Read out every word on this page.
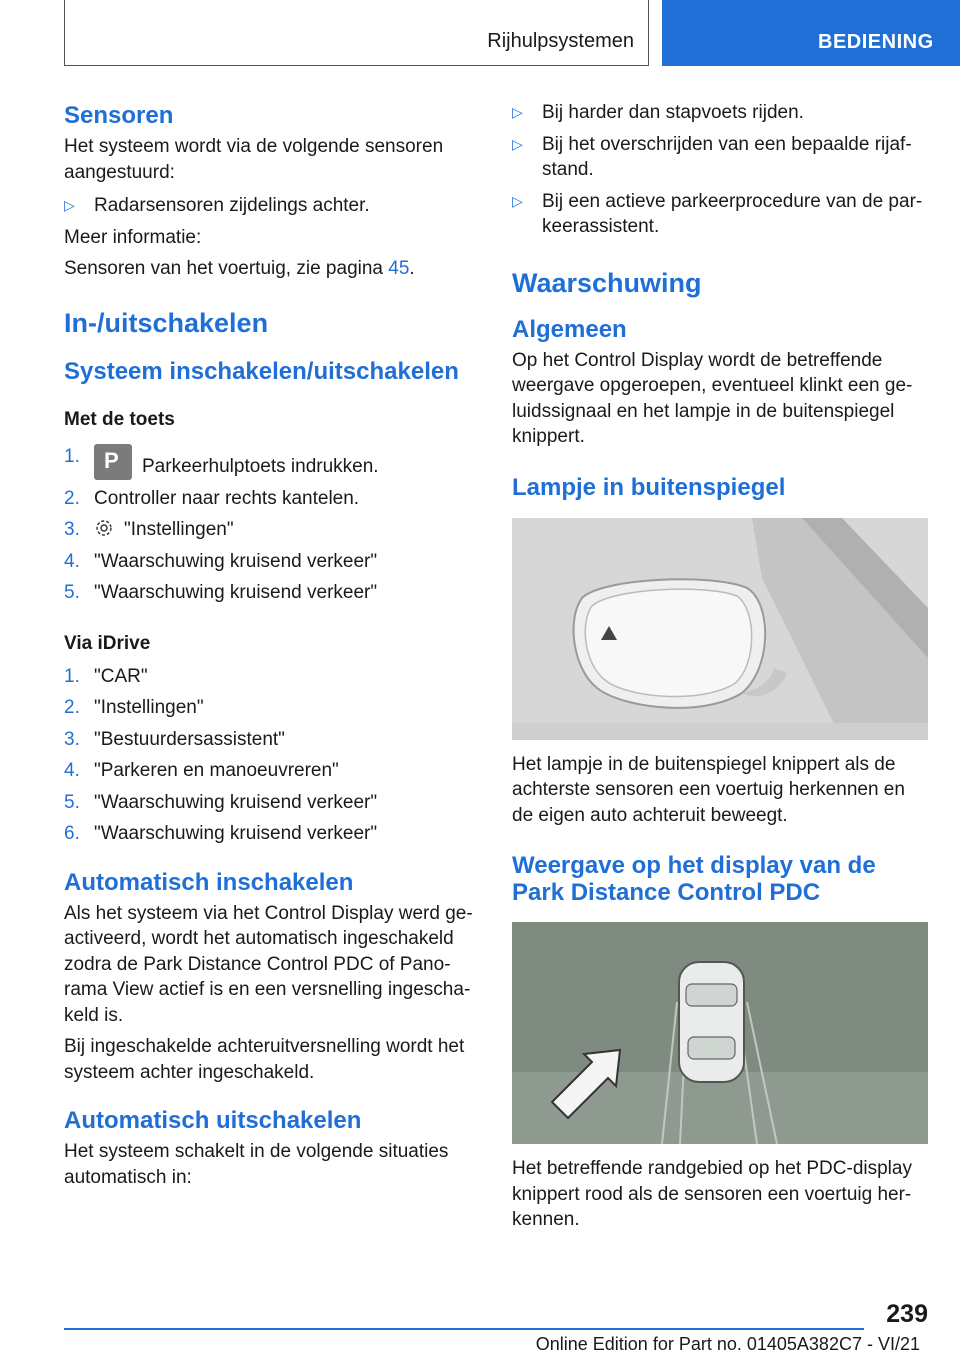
Rijhulpsystemen	BEDIENING
Sensoren

Het systeem wordt via de volgende sensoren aangestuurd:

▷ Radarsensoren zijdelings achter.

Meer informatie:

Sensoren van het voertuig, zie pagina 45.

In-/uitschakelen
Systeem inschakelen/uitschakelen
Met de toets
1. P Parkeerhulptoets indrukken.
2. Controller naar rechts kantelen.
3. "Instellingen"
4. "Waarschuwing kruisend verkeer"
5. "Waarschuwing kruisend verkeer"
Via iDrive
1. "CAR"
2. "Instellingen"
3. "Bestuurdersassistent"
4. "Parkeren en manoeuvreren"
5. "Waarschuwing kruisend verkeer"
6. "Waarschuwing kruisend verkeer"
Automatisch inschakelen

Als het systeem via het Control Display werd geactiveerd, wordt het automatisch ingeschakeld zodra de Park Distance Control PDC of Panorama View actief is en een versnelling ingeschakeld is.

Bij ingeschakelde achteruitversnelling wordt het systeem achter ingeschakeld.

Automatisch uitschakelen

Het systeem schakelt in de volgende situaties automatisch in:

▷ Bij harder dan stapvoets rijden.
▷ Bij het overschrijden van een bepaalde rijafstand.
▷ Bij een actieve parkeerprocedure van de parkeerassistent.
Waarschuwing
Algemeen

Op het Control Display wordt de betreffende weergave opgeroepen, eventueel klinkt een geluidssignaal en het lampje in de buitenspiegel knippert.

Lampje in buitenspiegel

Het lampje in de buitenspiegel knippert als de achterste sensoren een voertuig herkennen en de eigen auto achteruit beweegt.

Weergave op het display van de Park Distance Control PDC

Het betreffende randgebied op het PDC-display knippert rood als de sensoren een voertuig herkennen.

239
Online Edition for Part no. 01405A382C7 - VI/21
